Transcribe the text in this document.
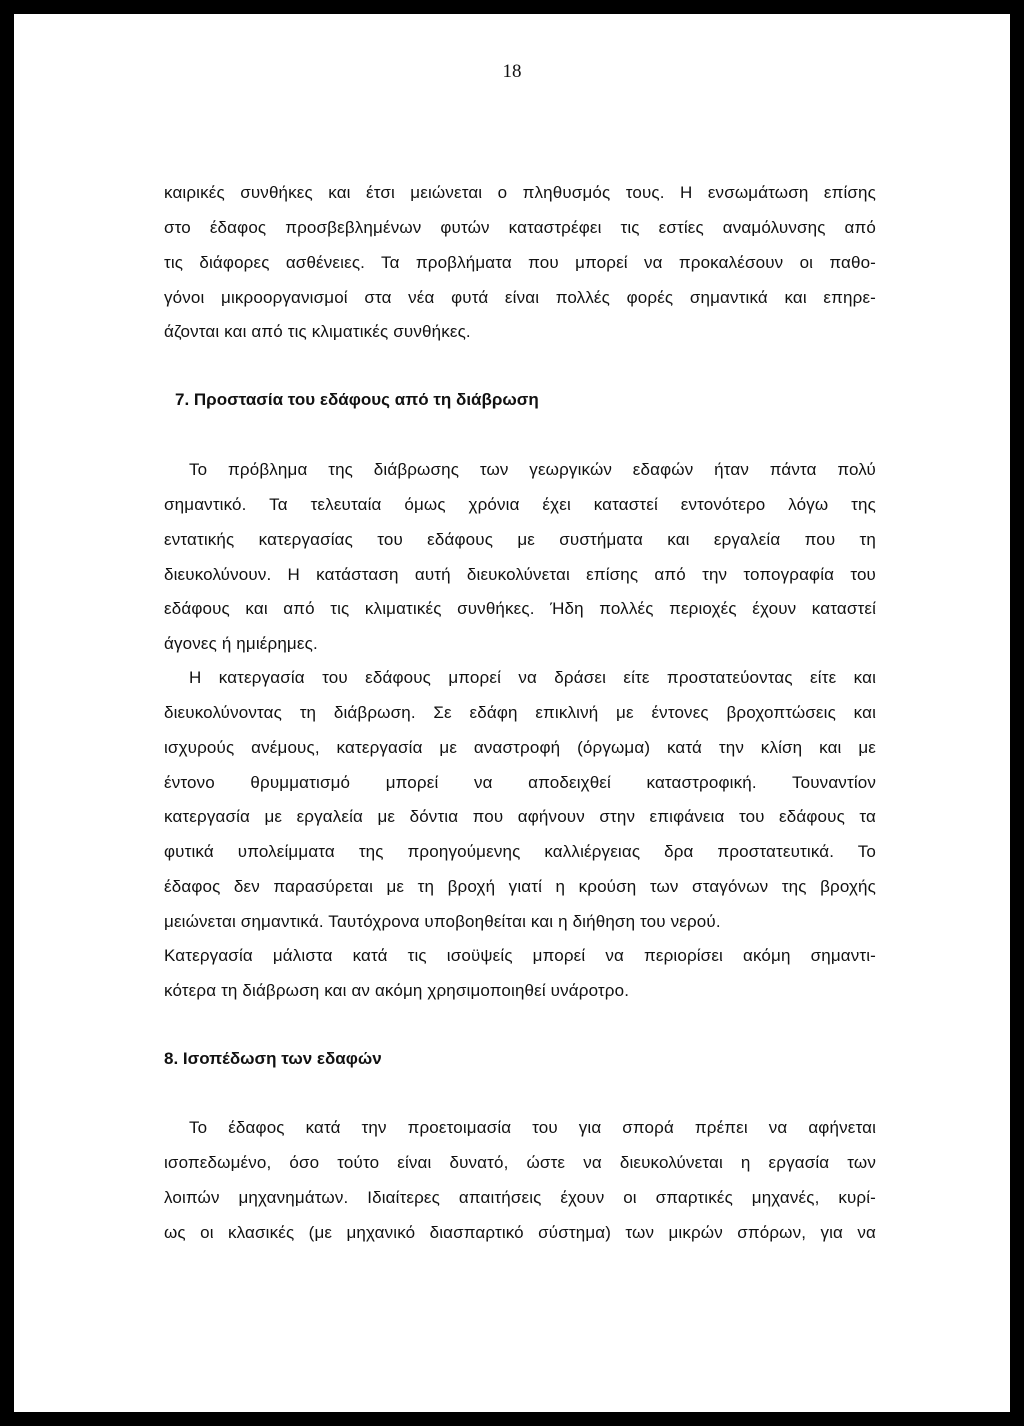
18
καιρικές συνθήκες και έτσι μειώνεται ο πληθυσμός τους. Η ενσωμάτωση επίσης
στο έδαφος προσβεβλημένων φυτών καταστρέφει τις εστίες αναμόλυνσης από
τις διάφορες ασθένειες. Τα προβλήματα που μπορεί να προκαλέσουν οι παθο-
γόνοι μικροοργανισμοί στα νέα φυτά είναι πολλές φορές σημαντικά και επηρε-
άζονται και από τις κλιματικές συνθήκες.
7. Προστασία του εδάφους από τη διάβρωση
Το πρόβλημα της διάβρωσης των γεωργικών εδαφών ήταν πάντα πολύ
σημαντικό. Τα τελευταία όμως χρόνια έχει καταστεί εντονότερο λόγω της
εντατικής κατεργασίας του εδάφους με συστήματα και εργαλεία που τη
διευκολύνουν. Η κατάσταση αυτή διευκολύνεται επίσης από την τοπογραφία του
εδάφους και από τις κλιματικές συνθήκες. Ήδη πολλές περιοχές έχουν καταστεί
άγονες ή ημιέρημες.
Η κατεργασία του εδάφους μπορεί να δράσει είτε προστατεύοντας είτε και
διευκολύνοντας τη διάβρωση. Σε εδάφη επικλινή με έντονες βροχοπτώσεις και
ισχυρούς ανέμους, κατεργασία με αναστροφή (όργωμα) κατά την κλίση και με
έντονο θρυμματισμό μπορεί να αποδειχθεί καταστροφική. Τουναντίον
κατεργασία με εργαλεία με δόντια που αφήνουν στην επιφάνεια του εδάφους τα
φυτικά υπολείμματα της προηγούμενης καλλιέργειας δρα προστατευτικά. Το
έδαφος δεν παρασύρεται με τη βροχή γιατί η κρούση των σταγόνων της βροχής
μειώνεται σημαντικά. Ταυτόχρονα υποβοηθείται και η διήθηση του νερού.
Κατεργασία μάλιστα κατά τις ισοϋψείς μπορεί να περιορίσει ακόμη σημαντι-
κότερα τη διάβρωση και αν ακόμη χρησιμοποιηθεί υνάροτρο.
8. Ισοπέδωση των εδαφών
Το έδαφος κατά την προετοιμασία του για σπορά πρέπει να αφήνεται
ισοπεδωμένο, όσο τούτο είναι δυνατό, ώστε να διευκολύνεται η εργασία των
λοιπών μηχανημάτων. Ιδιαίτερες απαιτήσεις έχουν οι σπαρτικές μηχανές, κυρί-
ως οι κλασικές (με μηχανικό διασπαρτικό σύστημα) των μικρών σπόρων, για να
